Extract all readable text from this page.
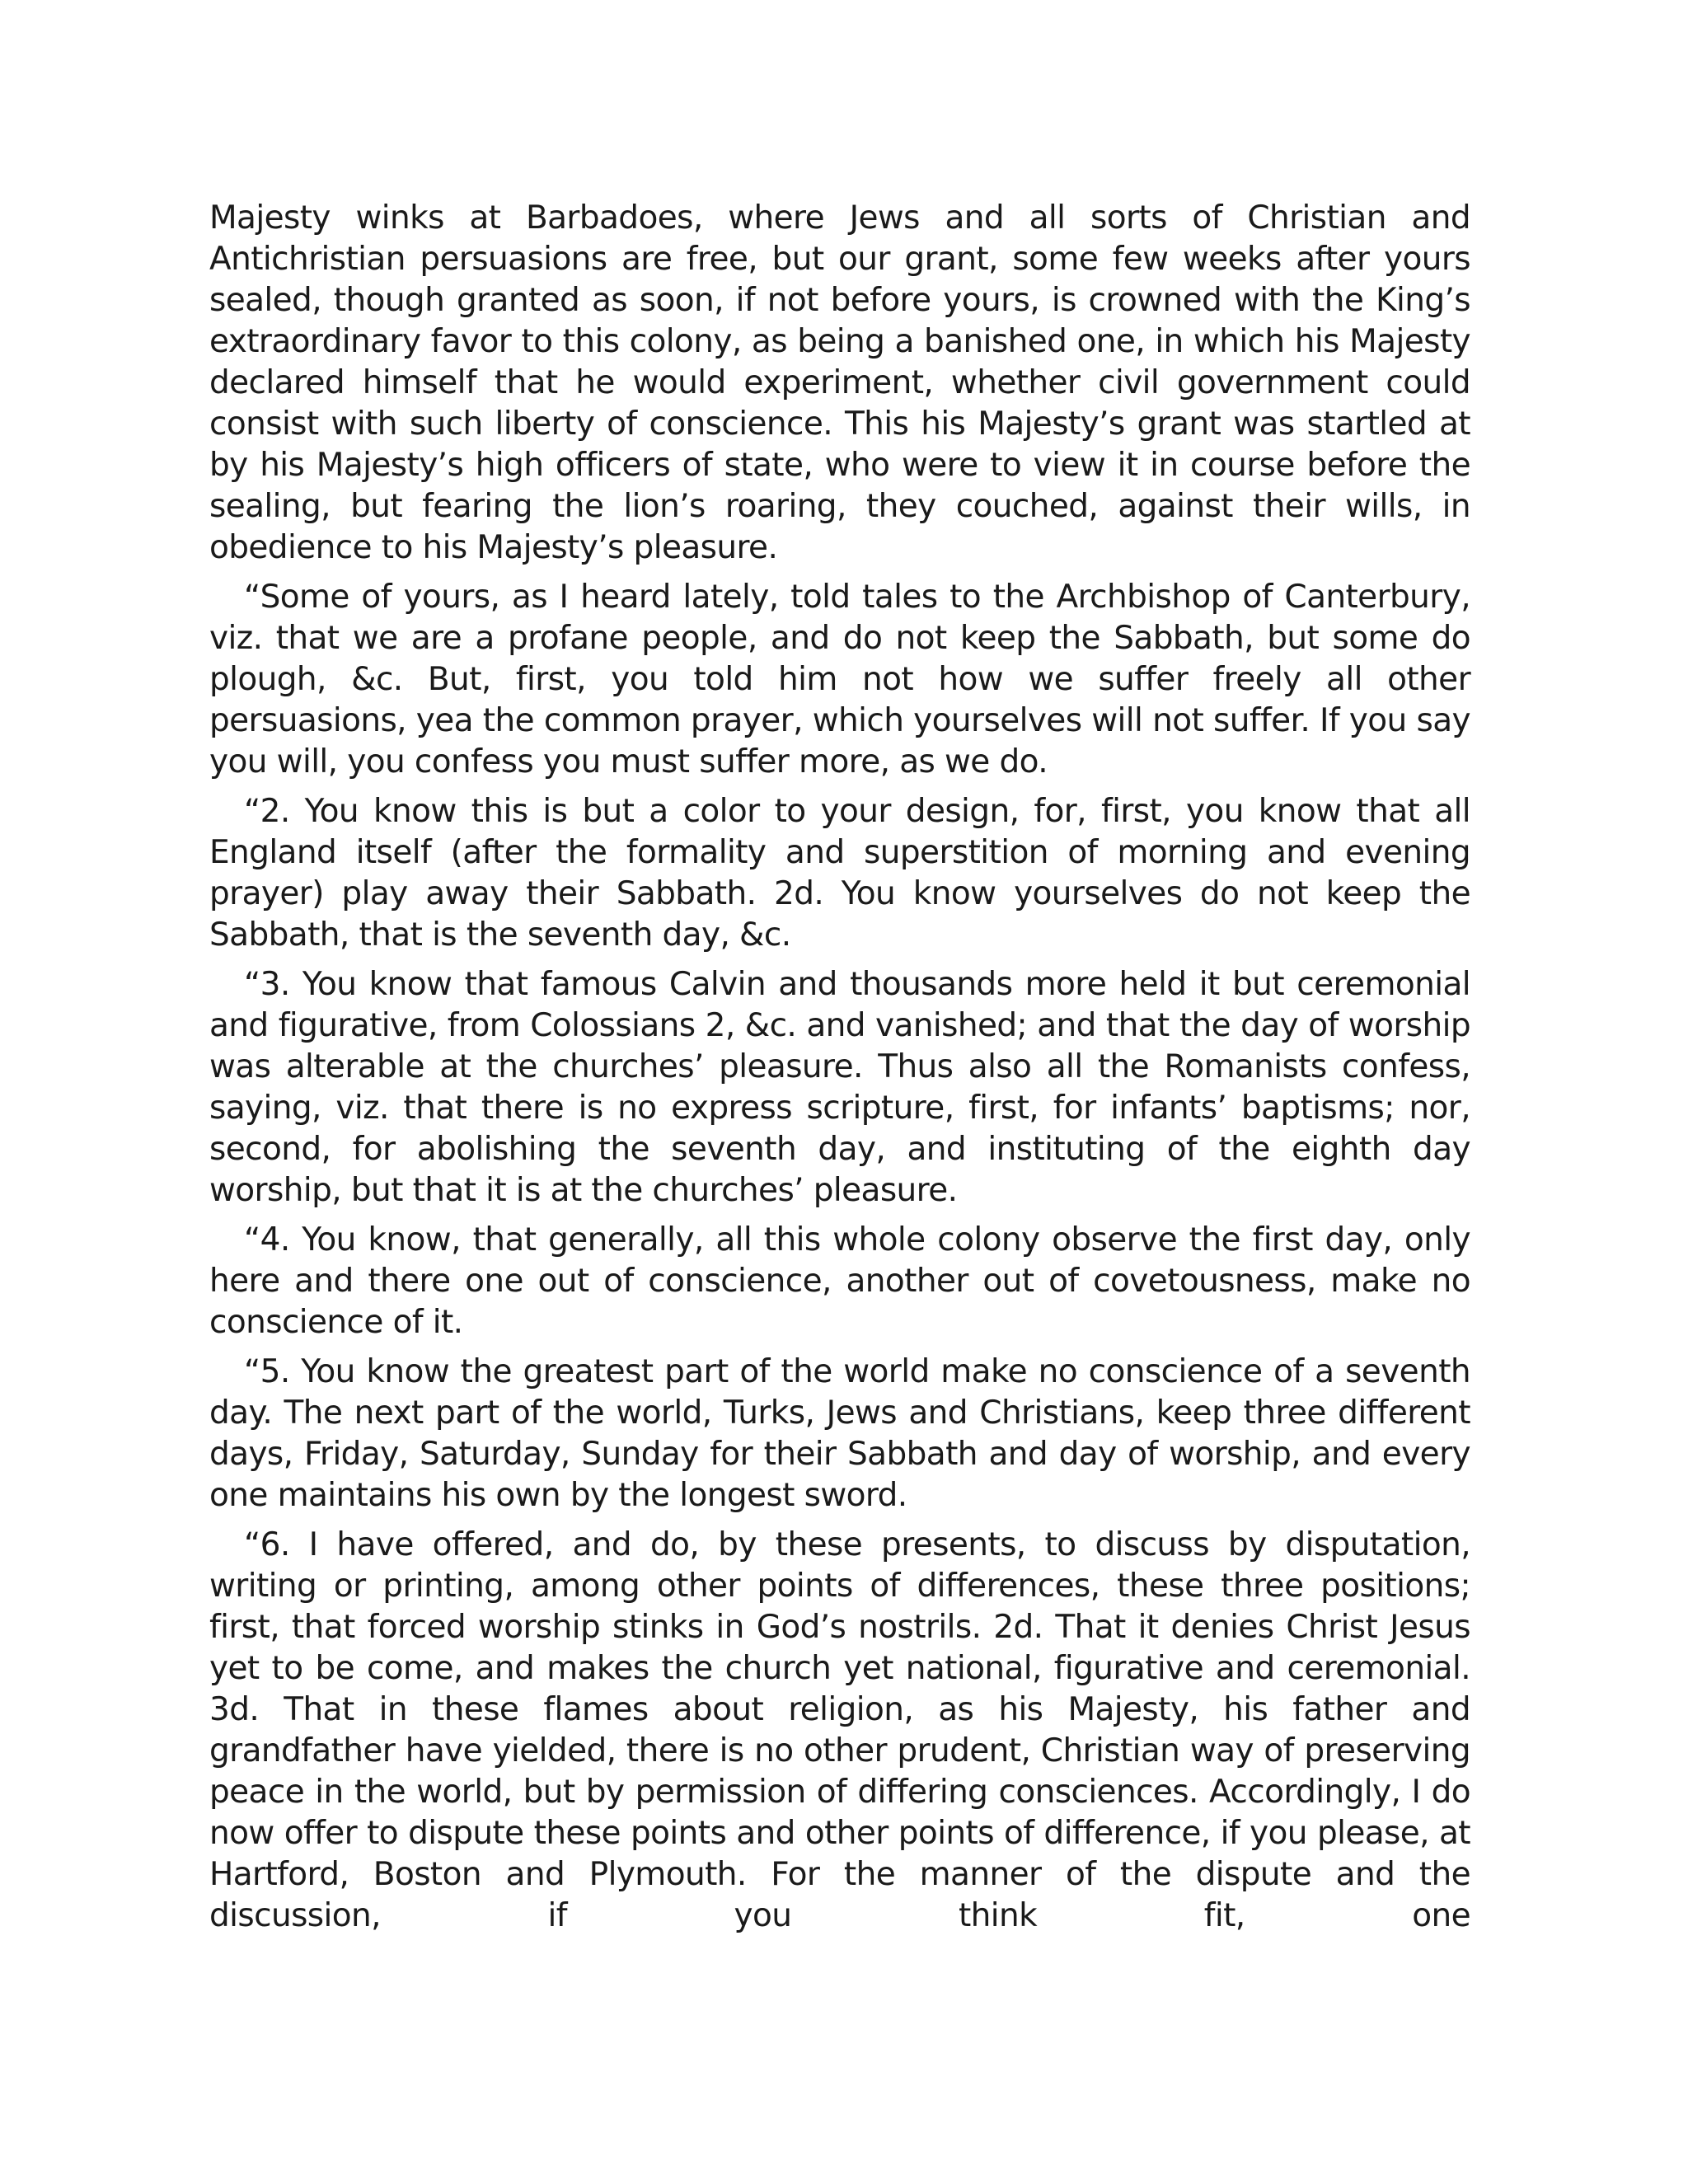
Majesty winks at Barbadoes, where Jews and all sorts of Christian and Antichristian persuasions are free, but our grant, some few weeks after yours sealed, though granted as soon, if not before yours, is crowned with the King’s extraordinary favor to this colony, as being a banished one, in which his Majesty declared himself that he would experiment, whether civil government could consist with such liberty of conscience. This his Majesty’s grant was startled at by his Majesty’s high officers of state, who were to view it in course before the sealing, but fearing the lion’s roaring, they couched, against their wills, in obedience to his Majesty’s pleasure.

“Some of yours, as I heard lately, told tales to the Archbishop of Canterbury, viz. that we are a profane people, and do not keep the Sabbath, but some do plough, &c. But, first, you told him not how we suffer freely all other persuasions, yea the common prayer, which yourselves will not suffer. If you say you will, you confess you must suffer more, as we do.

“2. You know this is but a color to your design, for, first, you know that all England itself (after the formality and superstition of morning and evening prayer) play away their Sabbath. 2d. You know yourselves do not keep the Sabbath, that is the seventh day, &c.

“3. You know that famous Calvin and thousands more held it but ceremonial and figurative, from Colossians 2, &c. and vanished; and that the day of worship was alterable at the churches’ pleasure. Thus also all the Romanists confess, saying, viz. that there is no express scripture, first, for infants’ baptisms; nor, second, for abolishing the seventh day, and instituting of the eighth day worship, but that it is at the churches’ pleasure.

“4. You know, that generally, all this whole colony observe the first day, only here and there one out of conscience, another out of covetousness, make no conscience of it.

“5. You know the greatest part of the world make no conscience of a seventh day. The next part of the world, Turks, Jews and Christians, keep three different days, Friday, Saturday, Sunday for their Sabbath and day of worship, and every one maintains his own by the longest sword.

“6. I have offered, and do, by these presents, to discuss by disputation, writing or printing, among other points of differences, these three positions; first, that forced worship stinks in God’s nostrils. 2d. That it denies Christ Jesus yet to be come, and makes the church yet national, figurative and ceremonial. 3d. That in these flames about religion, as his Majesty, his father and grandfather have yielded, there is no other prudent, Christian way of preserving peace in the world, but by permission of differing consciences. Accordingly, I do now offer to dispute these points and other points of difference, if you please, at Hartford, Boston and Plymouth. For the manner of the dispute and the discussion, if you think fit, one
